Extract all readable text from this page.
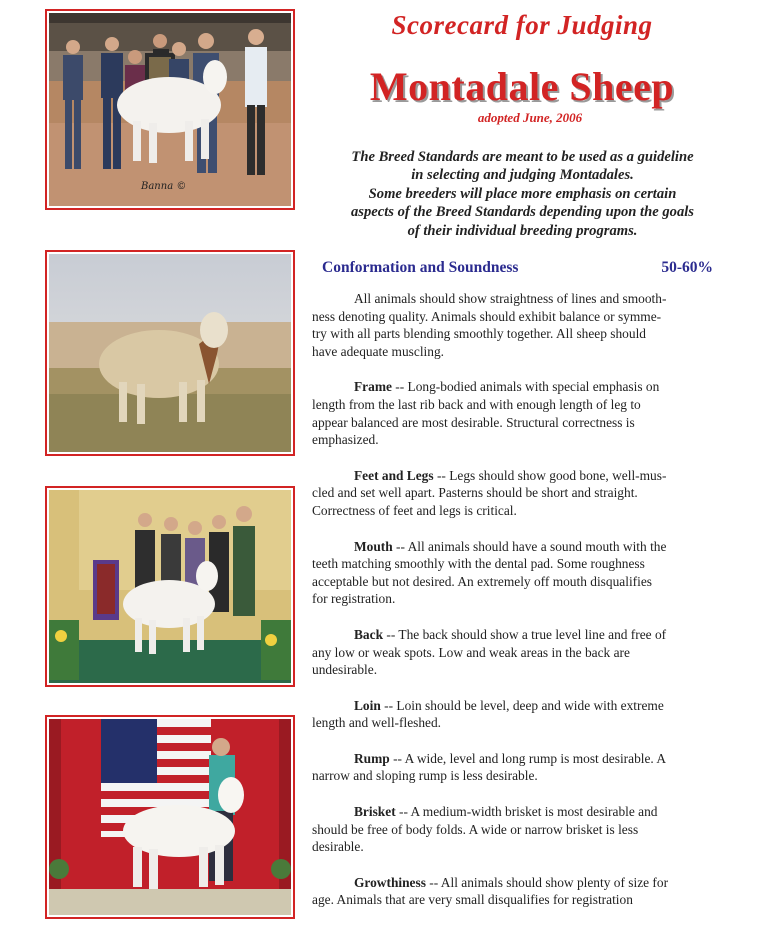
Banna ©
Scorecard for Judging
Montadale Sheep
adopted June, 2006
The Breed Standards are meant to be used as a guideline
in selecting and judging Montadales.
Some breeders will place more emphasis on certain
aspects of the Breed Standards depending upon the goals
of their individual breeding programs.
Conformation and Soundness	50-60%
All animals should show straightness of lines and smooth-
ness denoting quality. Animals should exhibit balance or symme-
try with all parts blending smoothly together. All sheep should
have adequate muscling.
Frame -- Long-bodied animals with special emphasis on
length from the last rib back and with enough length of leg to
appear balanced are most desirable. Structural correctness is
emphasized.
Feet and Legs -- Legs should show good bone, well-mus-
cled and set well apart. Pasterns should be short and straight.
Correctness of feet and legs is critical.
Mouth -- All animals should have a sound mouth with the
teeth matching smoothly with the dental pad. Some roughness
acceptable but not desired. An extremely off mouth disqualifies
for registration.
Back -- The back should show a true level line and free of
any low or weak spots. Low and weak areas in the back are
undesirable.
Loin -- Loin should be level, deep and wide with extreme
length and well-fleshed.
Rump -- A wide, level and long rump is most desirable. A
narrow and sloping rump is less desirable.
Brisket -- A medium-width brisket is most desirable and
should be free of body folds. A wide or narrow brisket is less
desirable.
Growthiness -- All animals should show plenty of size for
age. Animals that are very small disqualifies for registration
